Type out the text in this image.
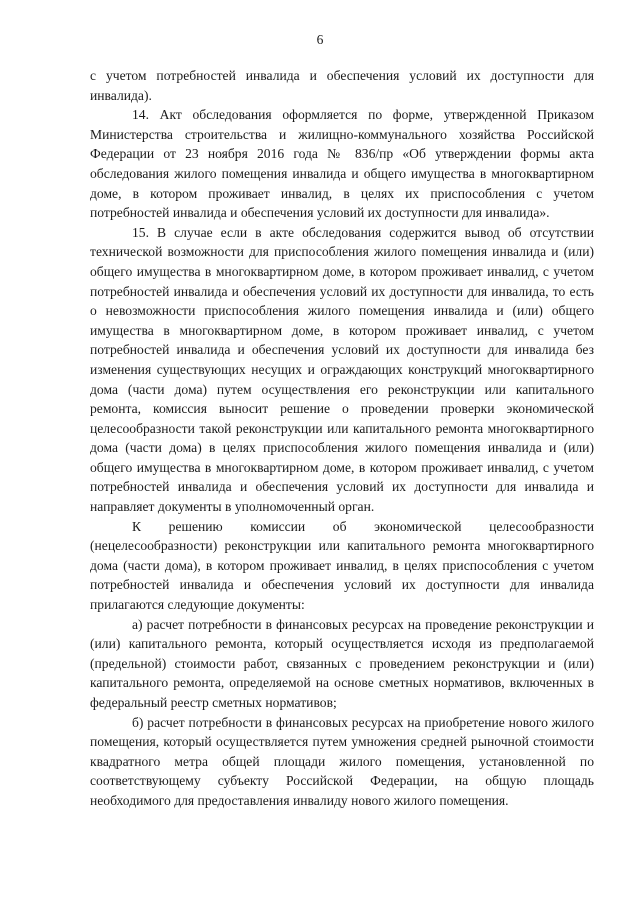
6

с учетом потребностей инвалида и обеспечения условий их доступности для инвалида).

14. Акт обследования оформляется по форме, утвержденной Приказом Министерства строительства и жилищно-коммунального хозяйства Российской Федерации от 23 ноября 2016 года № 836/пр «Об утверждении формы акта обследования жилого помещения инвалида и общего имущества в многоквартирном доме, в котором проживает инвалид, в целях их приспособления с учетом потребностей инвалида и обеспечения условий их доступности для инвалида».

15. В случае если в акте обследования содержится вывод об отсутствии технической возможности для приспособления жилого помещения инвалида и (или) общего имущества в многоквартирном доме, в котором проживает инвалид, с учетом потребностей инвалида и обеспечения условий их доступности для инвалида, то есть о невозможности приспособления жилого помещения инвалида и (или) общего имущества в многоквартирном доме, в котором проживает инвалид, с учетом потребностей инвалида и обеспечения условий их доступности для инвалида без изменения существующих несущих и ограждающих конструкций многоквартирного дома (части дома) путем осуществления его реконструкции или капитального ремонта, комиссия выносит решение о проведении проверки экономической целесообразности такой реконструкции или капитального ремонта многоквартирного дома (части дома) в целях приспособления жилого помещения инвалида и (или) общего имущества в многоквартирном доме, в котором проживает инвалид, с учетом потребностей инвалида и обеспечения условий их доступности для инвалида и направляет документы в уполномоченный орган.

К решению комиссии об экономической целесообразности (нецелесообразности) реконструкции или капитального ремонта многоквартирного дома (части дома), в котором проживает инвалид, в целях приспособления с учетом потребностей инвалида и обеспечения условий их доступности для инвалида прилагаются следующие документы:

а) расчет потребности в финансовых ресурсах на проведение реконструкции и (или) капитального ремонта, который осуществляется исходя из предполагаемой (предельной) стоимости работ, связанных с проведением реконструкции и (или) капитального ремонта, определяемой на основе сметных нормативов, включенных в федеральный реестр сметных нормативов;

б) расчет потребности в финансовых ресурсах на приобретение нового жилого помещения, который осуществляется путем умножения средней рыночной стоимости квадратного метра общей площади жилого помещения, установленной по соответствующему субъекту Российской Федерации, на общую площадь необходимого для предоставления инвалиду нового жилого помещения.
